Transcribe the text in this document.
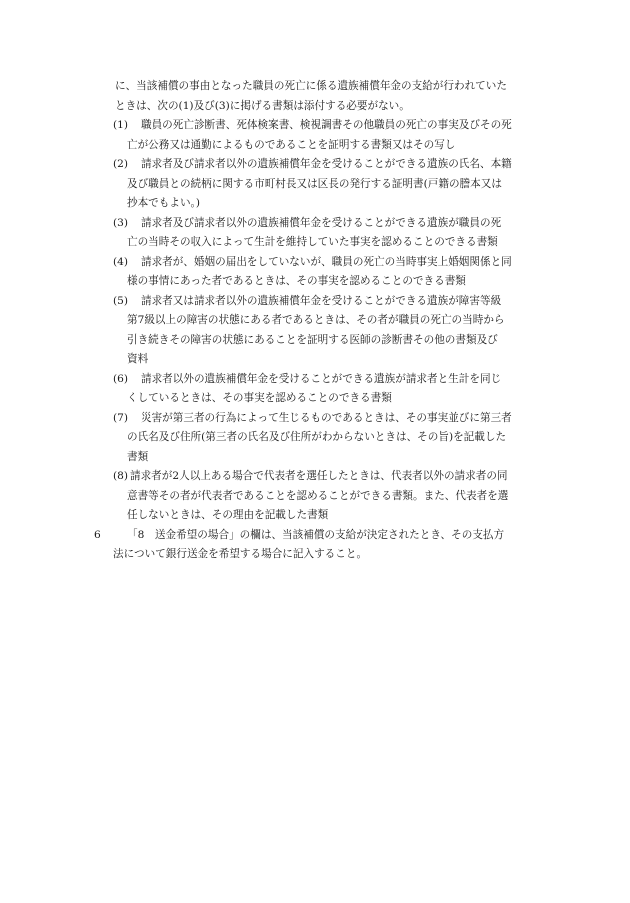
に、当該補償の事由となった職員の死亡に係る遺族補償年金の支給が行われていた
ときは、次の(1)及び(3)に掲げる書類は添付する必要がない。
(1)	職員の死亡診断書、死体検案書、検視調書その他職員の死亡の事実及びその死
亡が公務又は通勤によるものであることを証明する書類又はその写し
(2)	請求者及び請求者以外の遺族補償年金を受けることができる遺族の氏名、本籍
及び職員との続柄に関する市町村長又は区長の発行する証明書(戸籍の謄本又は
抄本でもよい。)
(3)	請求者及び請求者以外の遺族補償年金を受けることができる遺族が職員の死
亡の当時その収入によって生計を維持していた事実を認めることのできる書類
(4)	請求者が、婚姻の届出をしていないが、職員の死亡の当時事実上婚姻関係と同
様の事情にあった者であるときは、その事実を認めることのできる書類
(5)	請求者又は請求者以外の遺族補償年金を受けることができる遺族が障害等級
第7級以上の障害の状態にある者であるときは、その者が職員の死亡の当時から
引き続きその障害の状態にあることを証明する医師の診断書その他の書類及び
資料
(6)	請求者以外の遺族補償年金を受けることができる遺族が請求者と生計を同じ
くしているときは、その事実を認めることのできる書類
(7)	災害が第三者の行為によって生じるものであるときは、その事実並びに第三者
の氏名及び住所(第三者の氏名及び住所がわからないときは、その旨)を記載した
書類
(8) 請求者が2人以上ある場合で代表者を選任したときは、代表者以外の請求者の同
意書等その者が代表者であることを認めることができる書類。また、代表者を選
任しないときは、その理由を記載した書類
6	「8　送金希望の場合」の欄は、当該補償の支給が決定されたとき、その支払方
法について銀行送金を希望する場合に記入すること。
